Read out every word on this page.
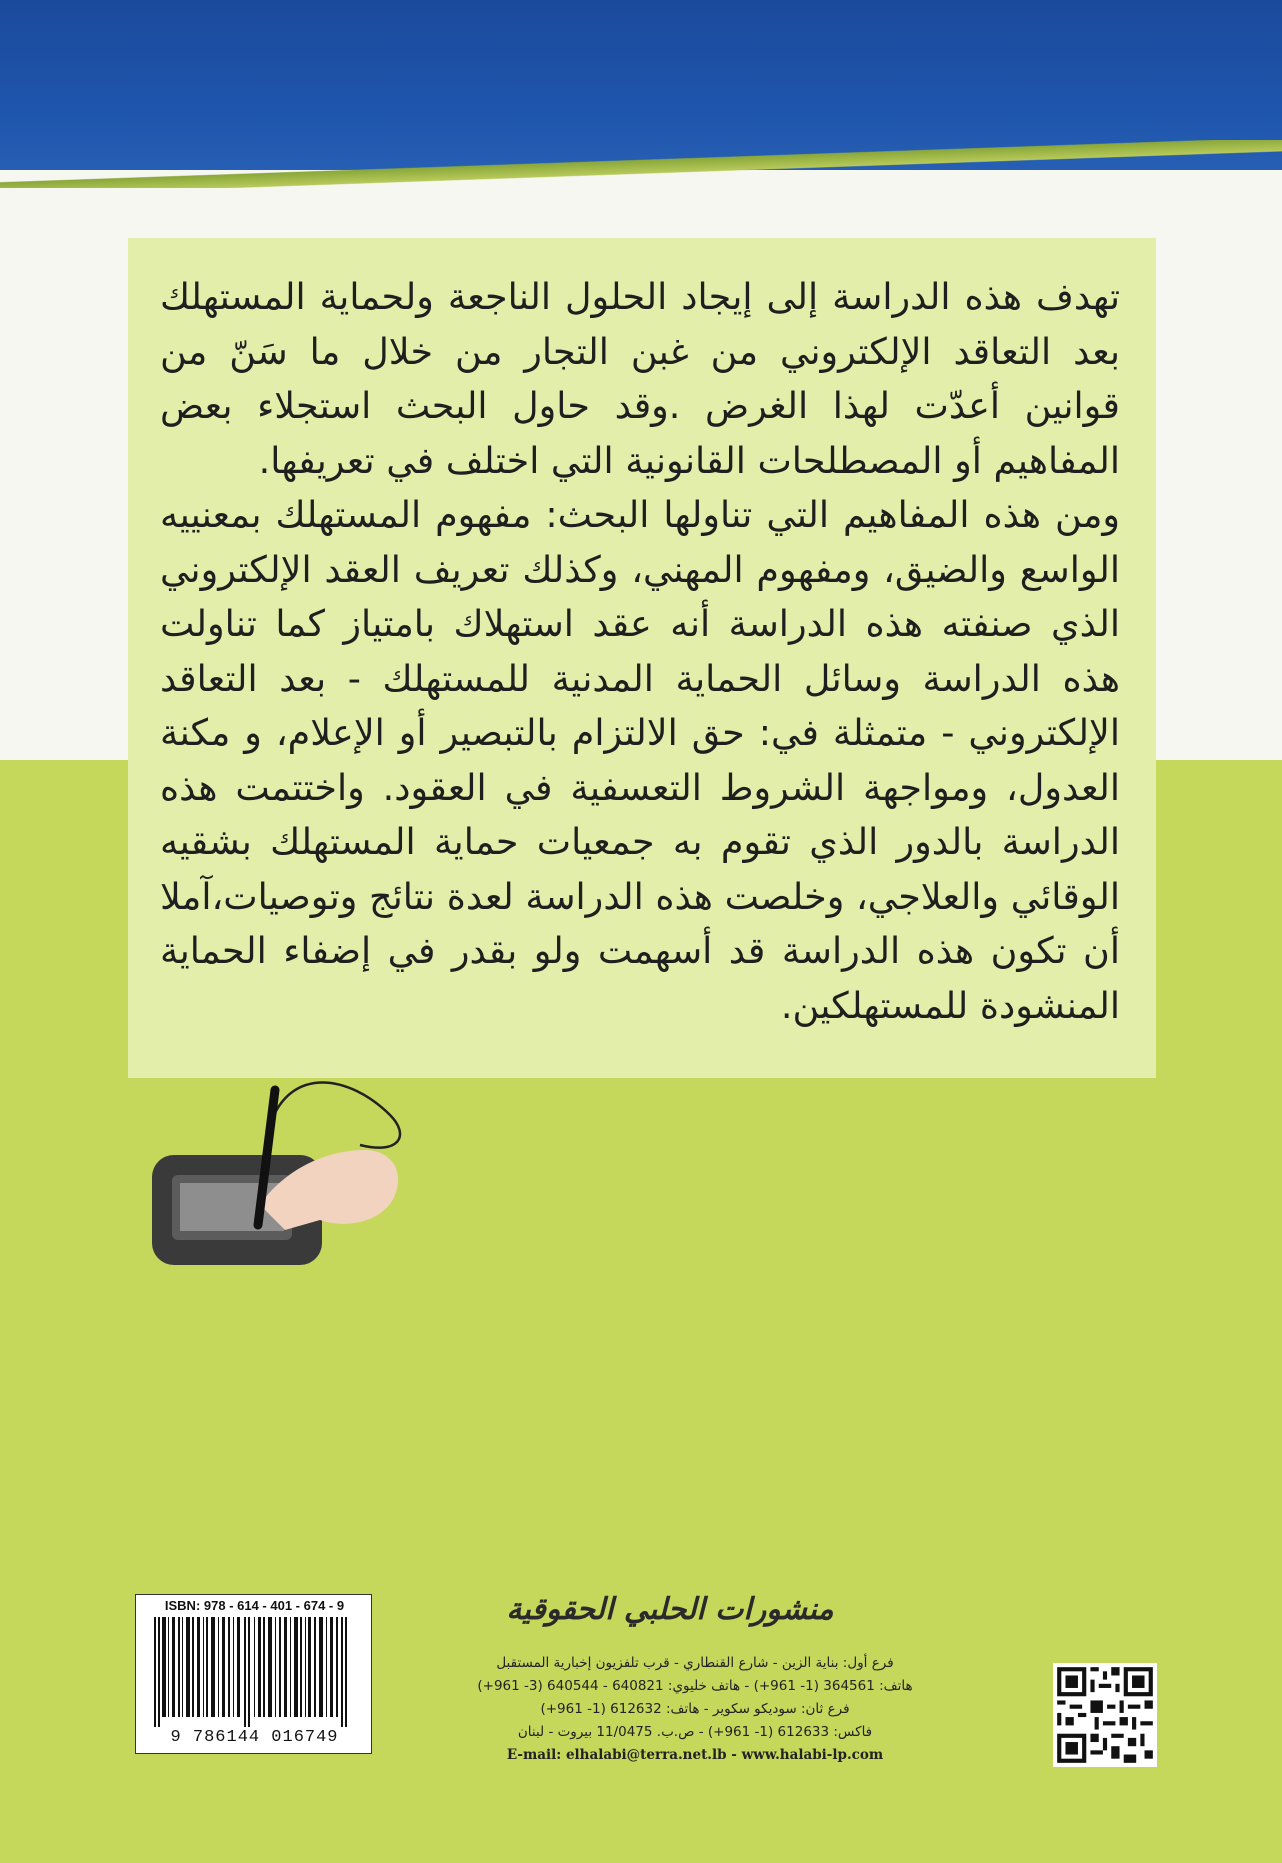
تهدف هذه الدراسة إلى إيجاد الحلول الناجعة ولحماية المستهلك بعد التعاقد الإلكتروني من غبن التجار من خلال ما سَنّ من قوانين أعدّت لهذا الغرض .وقد حاول البحث استجلاء بعض المفاهيم أو المصطلحات القانونية التي اختلف في تعريفها.

ومن هذه المفاهيم التي تناولها البحث: مفهوم المستهلك بمعنييه الواسع والضيق، ومفهوم المهني، وكذلك تعريف العقد الإلكتروني الذي صنفته هذه الدراسة أنه عقد استهلاك بامتياز كما تناولت هذه الدراسة وسائل الحماية المدنية للمستهلك - بعد التعاقد الإلكتروني - متمثلة في: حق الالتزام بالتبصير أو الإعلام، و مكنة العدول، ومواجهة الشروط التعسفية في العقود. واختتمت هذه الدراسة بالدور الذي تقوم به جمعيات حماية المستهلك بشقيه الوقائي والعلاجي، وخلصت هذه الدراسة لعدة نتائج وتوصيات،آملا أن تكون هذه الدراسة قد أسهمت ولو بقدر في إضفاء الحماية المنشودة للمستهلكين.

ISBN: 978 - 614 - 401 - 674 - 9
9 786144 016749
منشورات الحلبي الحقوقية
فرع أول: بناية الزين - شارع القنطاري - قرب تلفزيون إخبارية المستقبل
هاتف: 364561 (1- 961+) - هاتف خليوي: 640821 - 640544 (3- 961+)
فرع ثان: سوديكو سكوير - هاتف: 612632 (1- 961+)
فاكس: 612633 (1- 961+) - ص.ب. 11/0475 بيروت - لبنان
E-mail: elhalabi@terra.net.lb - www.halabi-lp.com
